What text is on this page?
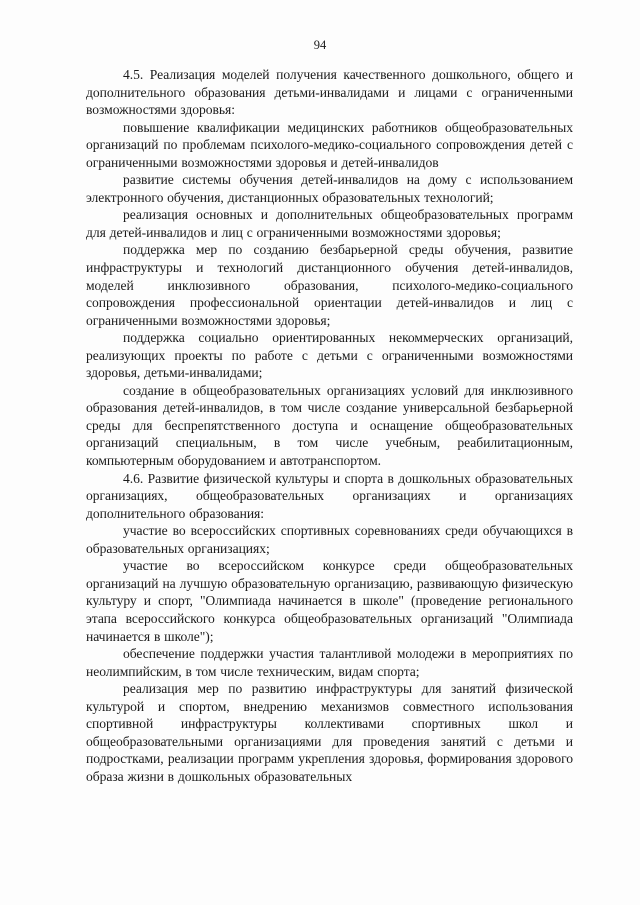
94

4.5. Реализация моделей получения качественного дошкольного, общего и дополнительного образования детьми-инвалидами и лицами с ограниченными возможностями здоровья:

повышение квалификации медицинских работников общеобразовательных организаций по проблемам психолого-медико-социального сопровождения детей с ограниченными возможностями здоровья и детей-инвалидов

развитие системы обучения детей-инвалидов на дому с использованием электронного обучения, дистанционных образовательных технологий;

реализация основных и дополнительных общеобразовательных программ для детей-инвалидов и лиц с ограниченными возможностями здоровья;

поддержка мер по созданию безбарьерной среды обучения, развитие инфраструктуры и технологий дистанционного обучения детей-инвалидов, моделей инклюзивного образования, психолого-медико-социального сопровождения профессиональной ориентации детей-инвалидов и лиц с ограниченными возможностями здоровья;

поддержка социально ориентированных некоммерческих организаций, реализующих проекты по работе с детьми с ограниченными возможностями здоровья, детьми-инвалидами;

создание в общеобразовательных организациях условий для инклюзивного образования детей-инвалидов, в том числе создание универсальной безбарьерной среды для беспрепятственного доступа и оснащение общеобразовательных организаций специальным, в том числе учебным, реабилитационным, компьютерным оборудованием и автотранспортом.

4.6. Развитие физической культуры и спорта в дошкольных образовательных организациях, общеобразовательных организациях и организациях дополнительного образования:

участие во всероссийских спортивных соревнованиях среди обучающихся в образовательных организациях;

участие во всероссийском конкурсе среди общеобразовательных организаций на лучшую образовательную организацию, развивающую физическую культуру и спорт, "Олимпиада начинается в школе" (проведение регионального этапа всероссийского конкурса общеобразовательных организаций "Олимпиада начинается в школе");

обеспечение поддержки участия талантливой молодежи в мероприятиях по неолимпийским, в том числе техническим, видам спорта;

реализация мер по развитию инфраструктуры для занятий физической культурой и спортом, внедрению механизмов совместного использования спортивной инфраструктуры коллективами спортивных школ и общеобразовательными организациями для проведения занятий с детьми и подростками, реализации программ укрепления здоровья, формирования здорового образа жизни в дошкольных образовательных
